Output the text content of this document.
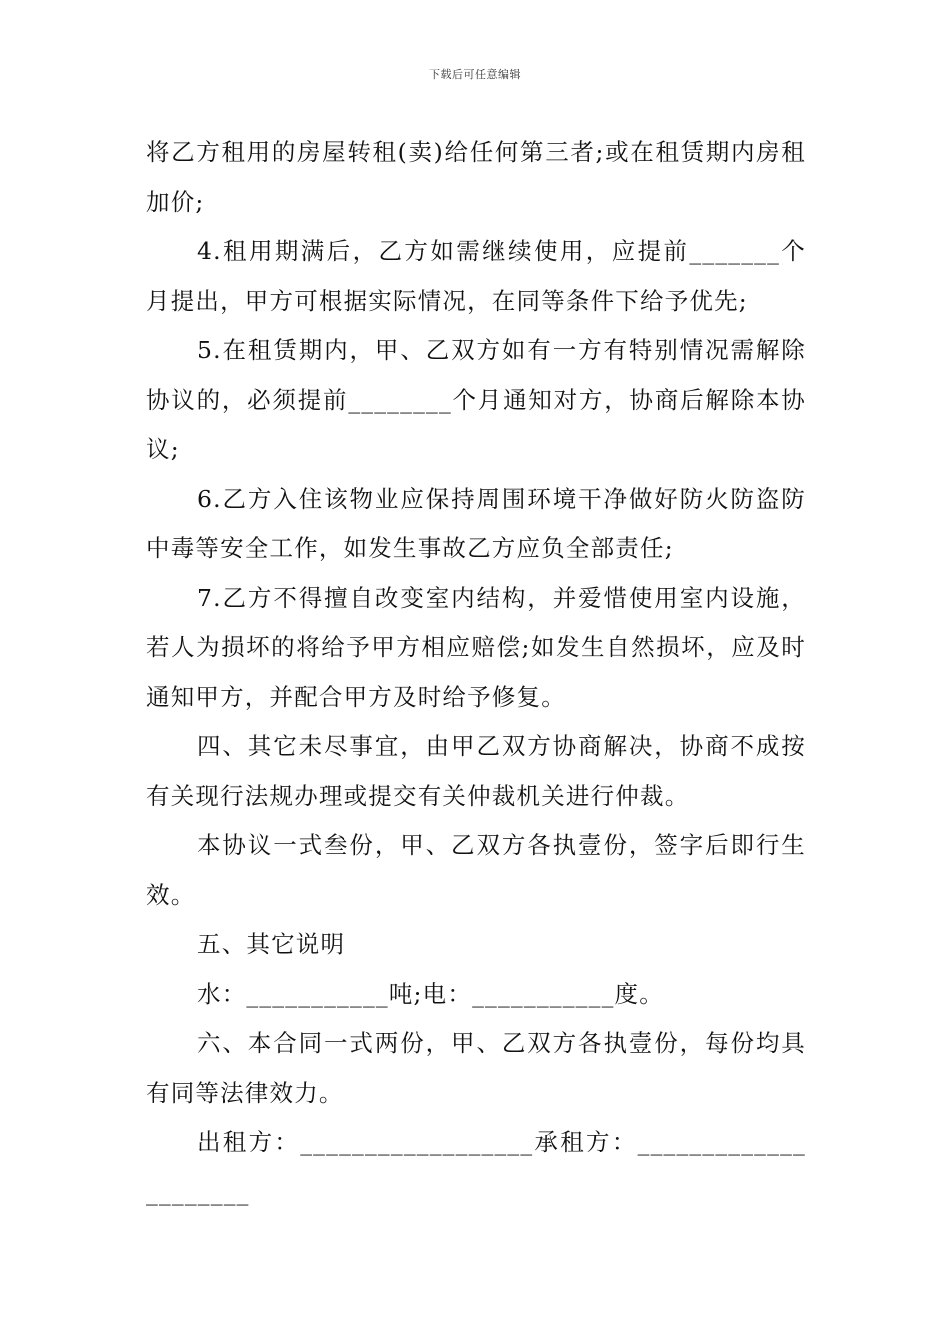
下载后可任意编辑

将乙方租用的房屋转租(卖)给任何第三者;或在租赁期内房租加价;

4.租用期满后，乙方如需继续使用，应提前_______个月提出，甲方可根据实际情况，在同等条件下给予优先;

5.在租赁期内，甲、乙双方如有一方有特别情况需解除协议的，必须提前________个月通知对方，协商后解除本协议;

6.乙方入住该物业应保持周围环境干净做好防火防盗防中毒等安全工作，如发生事故乙方应负全部责任;

7.乙方不得擅自改变室内结构，并爱惜使用室内设施，若人为损坏的将给予甲方相应赔偿;如发生自然损坏，应及时通知甲方，并配合甲方及时给予修复。

四、其它未尽事宜，由甲乙双方协商解决，协商不成按有关现行法规办理或提交有关仲裁机关进行仲裁。

本协议一式叁份，甲、乙双方各执壹份，签字后即行生效。

五、其它说明

水：___________吨;电：___________度。

六、本合同一式两份，甲、乙双方各执壹份，每份均具有同等法律效力。

出租方：__________________承租方：_____________________
